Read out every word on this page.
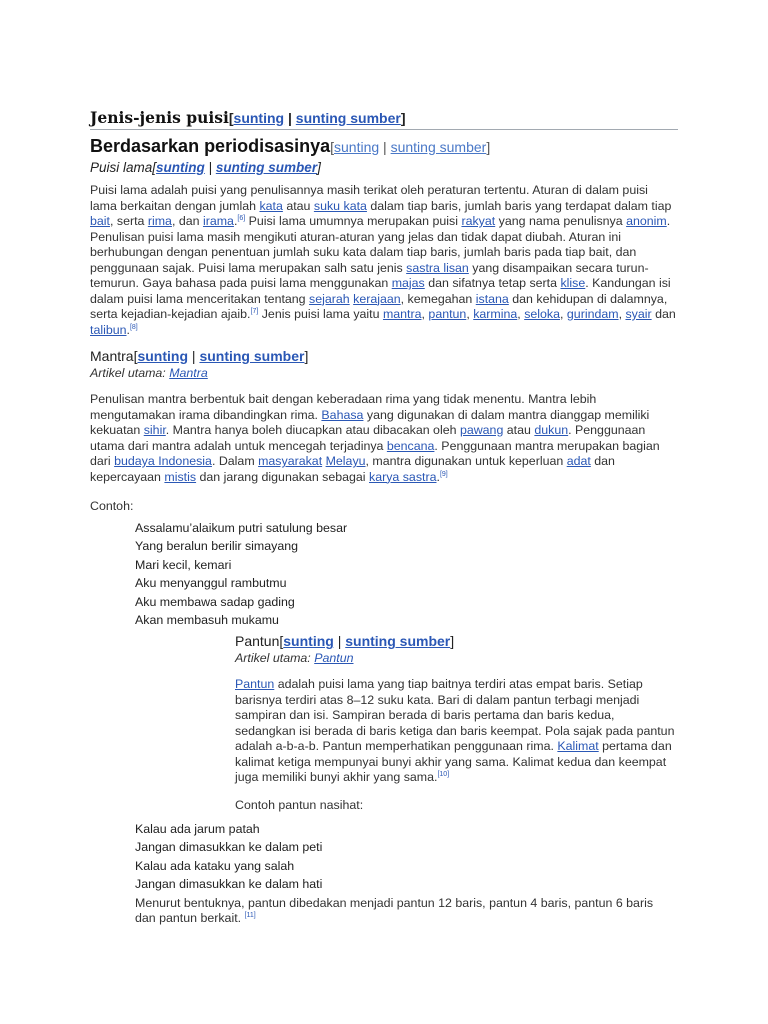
Jenis-jenis puisi[sunting | sunting sumber]
Berdasarkan periodisasinya[sunting | sunting sumber]
Puisi lama[sunting | sunting sumber]

Puisi lama adalah puisi yang penulisannya masih terikat oleh peraturan tertentu. Aturan di dalam puisi lama berkaitan dengan jumlah kata atau suku kata dalam tiap baris, jumlah baris yang terdapat dalam tiap bait, serta rima, dan irama.[6] Puisi lama umumnya merupakan puisi rakyat yang nama penulisnya anonim. Penulisan puisi lama masih mengikuti aturan-aturan yang jelas dan tidak dapat diubah. Aturan ini berhubungan dengan penentuan jumlah suku kata dalam tiap baris, jumlah baris pada tiap bait, dan penggunaan sajak. Puisi lama merupakan salh satu jenis sastra lisan yang disampaikan secara turun-temurun. Gaya bahasa pada puisi lama menggunakan majas dan sifatnya tetap serta klise. Kandungan isi dalam puisi lama menceritakan tentang sejarah kerajaan, kemegahan istana dan kehidupan di dalamnya, serta kejadian-kejadian ajaib.[7] Jenis puisi lama yaitu mantra, pantun, karmina, seloka, gurindam, syair dan talibun.[8]

Mantra[sunting | sunting sumber]
Artikel utama: Mantra

Penulisan mantra berbentuk bait dengan keberadaan rima yang tidak menentu. Mantra lebih mengutamakan irama dibandingkan rima. Bahasa yang digunakan di dalam mantra dianggap memiliki kekuatan sihir. Mantra hanya boleh diucapkan atau dibacakan oleh pawang atau dukun. Penggunaan utama dari mantra adalah untuk mencegah terjadinya bencana. Penggunaan mantra merupakan bagian dari budaya Indonesia. Dalam masyarakat Melayu, mantra digunakan untuk keperluan adat dan kepercayaan mistis dan jarang digunakan sebagai karya sastra.[9]

Contoh:

Assalamu’alaikum putri satulung besar
Yang beralun berilir simayang
Mari kecil, kemari
Aku menyanggul rambutmu
Aku membawa sadap gading
Akan membasuh mukamu
Pantun[sunting | sunting sumber]
Artikel utama: Pantun

Pantun adalah puisi lama yang tiap baitnya terdiri atas empat baris. Setiap barisnya terdiri atas 8–12 suku kata. Bari di dalam pantun terbagi menjadi sampiran dan isi. Sampiran berada di baris pertama dan baris kedua, sedangkan isi berada di baris ketiga dan baris keempat. Pola sajak pada pantun adalah a-b-a-b. Pantun memperhatikan penggunaan rima. Kalimat pertama dan kalimat ketiga mempunyai bunyi akhir yang sama. Kalimat kedua dan keempat juga memiliki bunyi akhir yang sama.[10]

Contoh pantun nasihat:

Kalau ada jarum patah
Jangan dimasukkan ke dalam peti
Kalau ada kataku yang salah
Jangan dimasukkan ke dalam hati

Menurut bentuknya, pantun dibedakan menjadi pantun 12 baris, pantun 4 baris, pantun 6 baris dan pantun berkait. [11]
